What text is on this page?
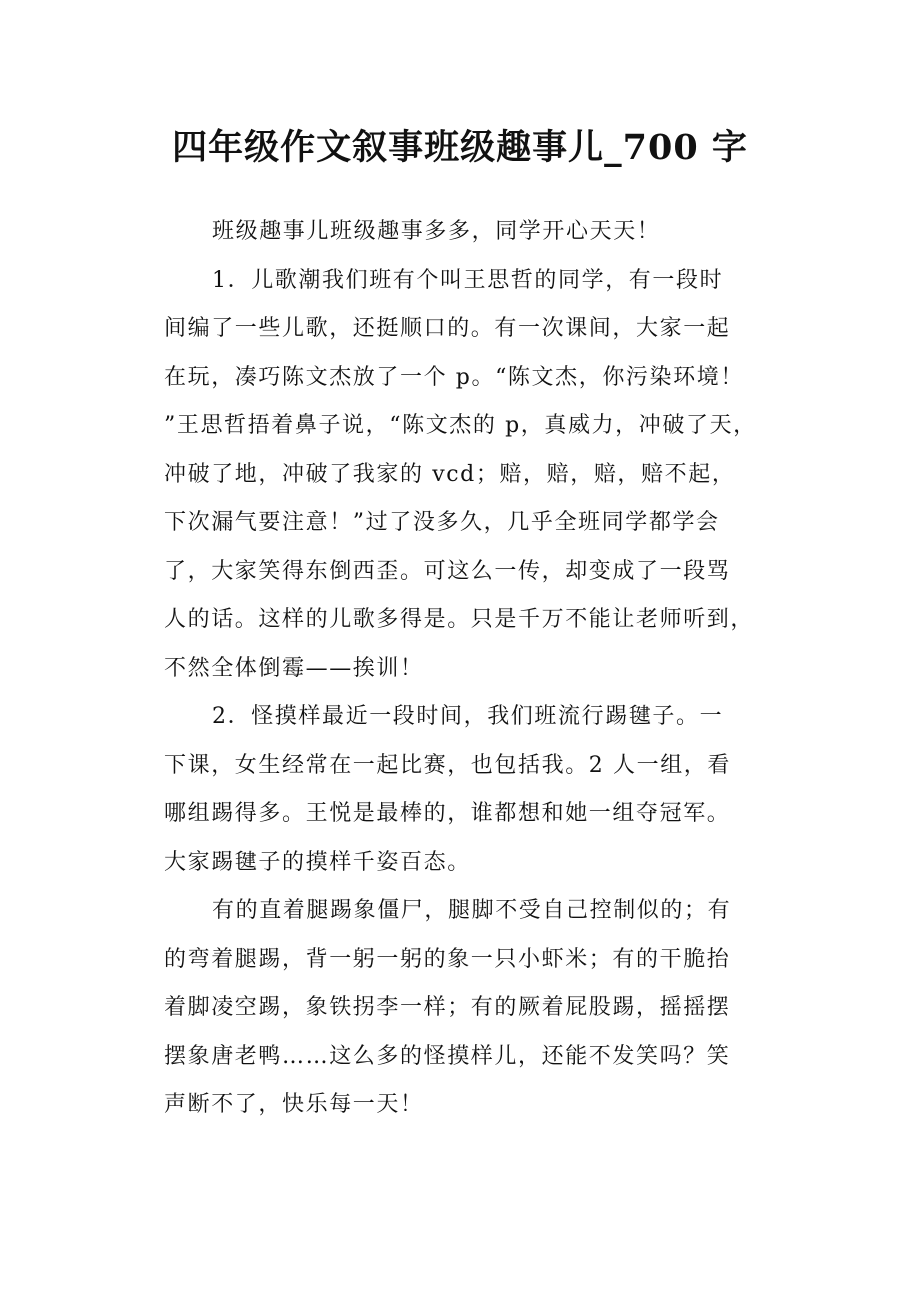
四年级作文叙事班级趣事儿_700 字
班级趣事儿班级趣事多多，同学开心天天！
1．儿歌潮我们班有个叫王思哲的同学，有一段时
间编了一些儿歌，还挺顺口的。有一次课间，大家一起
在玩，凑巧陈文杰放了一个 p。“陈文杰，你污染环境！
”王思哲捂着鼻子说，“陈文杰的 p，真威力，冲破了天，
冲破了地，冲破了我家的 vcd；赔，赔，赔，赔不起，
下次漏气要注意！”过了没多久，几乎全班同学都学会
了，大家笑得东倒西歪。可这么一传，却变成了一段骂
人的话。这样的儿歌多得是。只是千万不能让老师听到，
不然全体倒霉——挨训！
2．怪摸样最近一段时间，我们班流行踢毽子。一
下课，女生经常在一起比赛，也包括我。2 人一组，看
哪组踢得多。王悦是最棒的，谁都想和她一组夺冠军。
大家踢毽子的摸样千姿百态。
有的直着腿踢象僵尸，腿脚不受自己控制似的；有
的弯着腿踢，背一躬一躬的象一只小虾米；有的干脆抬
着脚凌空踢，象铁拐李一样；有的厥着屁股踢，摇摇摆
摆象唐老鸭……这么多的怪摸样儿，还能不发笑吗？笑
声断不了，快乐每一天！
